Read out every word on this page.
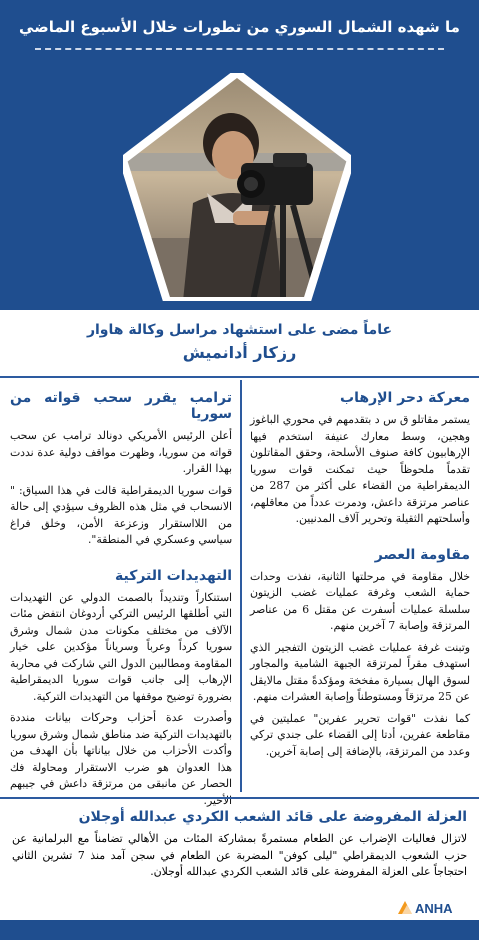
ما شهده الشمال السوري من تطورات خلال الأسبوع الماضي
عاماً مضى على استشهاد مراسل وكالة هاوار
رزكار أدانميش
معركة دحر الإرهاب

يستمر مقاتلو ق س د بتقدمهم في محوري الباغوز وهجين، وسط معارك عنيفة استخدم فيها الإرهابيون كافة صنوف الأسلحة، وحقق المقاتلون تقدماً ملحوظاً حيث تمكنت قوات سوريا الديمقراطية من القضاء على أكثر من 287 من عناصر مرتزقة داعش، ودمرت عدداً من معاقلهم، وأسلحتهم الثقيلة وتحرير آلاف المدنيين.

مقاومة العصر

خلال مقاومة في مرحلتها الثانية، نفذت وحدات حماية الشعب وغرفة عمليات غضب الزيتون سلسلة عمليات أسفرت عن مقتل 6 من عناصر المرتزقة وإصابة 7 آخرين منهم.

وتبنت غرفة عمليات غضب الزيتون التفجير الذي استهدف مقراً لمرتزقة الجبهة الشامية والمجاور لسوق الهال بسيارة مفخخة ومؤكدةً مقتل مالايقل عن 25 مرتزقاً ومستوطناً وإصابة العشرات منهم.

كما نفذت "قوات تحرير عفرين" عمليتين في مقاطعة عفرين، أدتا إلى القضاء على جندي تركي وعدد من المرتزقة، بالإضافة إلى إصابة آخرين.

ترامب يقرر سحب قواته من سوريا

أعلن الرئيس الأمريكي دونالد ترامب عن سحب قواته من سوريا، وظهرت مواقف دولية عدة نددت بهذا القرار.

قوات سوريا الديمقراطية قالت في هذا السياق: " الانسحاب في مثل هذه الظروف سيؤدي إلى حالة من اللااستقرار وزعزعة الأمن، وخلق فراغ سياسي وعسكري في المنطقة".

التهديدات التركية

استنكاراً وتنديداً بالصمت الدولي عن التهديدات التي أطلقها الرئيس التركي أردوغان انتفض مئات الآلاف من مختلف مكونات مدن شمال وشرق سوريا كرداً وعرباً وسرياناً مؤكدين على خيار المقاومة ومطالبين الدول التي شاركت في محاربة الإرهاب إلى جانب قوات سوريا الديمقراطية بضرورة توضيح موقفها من التهديدات التركية.

وأصدرت عدة أحزاب وحركات بيانات منددة بالتهديدات التركية ضد مناطق شمال وشرق سوريا وأكدت الأحزاب من خلال بياناتها بأن الهدف من هذا العدوان هو ضرب الاستقرار ومحاولة فك الحصار عن مانبقى من مرتزقة داعش في جيبهم الأخير.

العزلة المفروضة على قائد الشعب الكردي عبدالله أوجلان

لاتزال فعاليات الإضراب عن الطعام مستمرةً بمشاركة المئات من الأهالي تضامناً مع البرلمانية عن حزب الشعوب الديمقراطي "ليلى كوفن" المضربة عن الطعام في سجن آمد منذ 7 تشرين الثاني احتجاجاً على العزلة المفروضة على قائد الشعب الكردي عبدالله أوجلان.

ANHA
